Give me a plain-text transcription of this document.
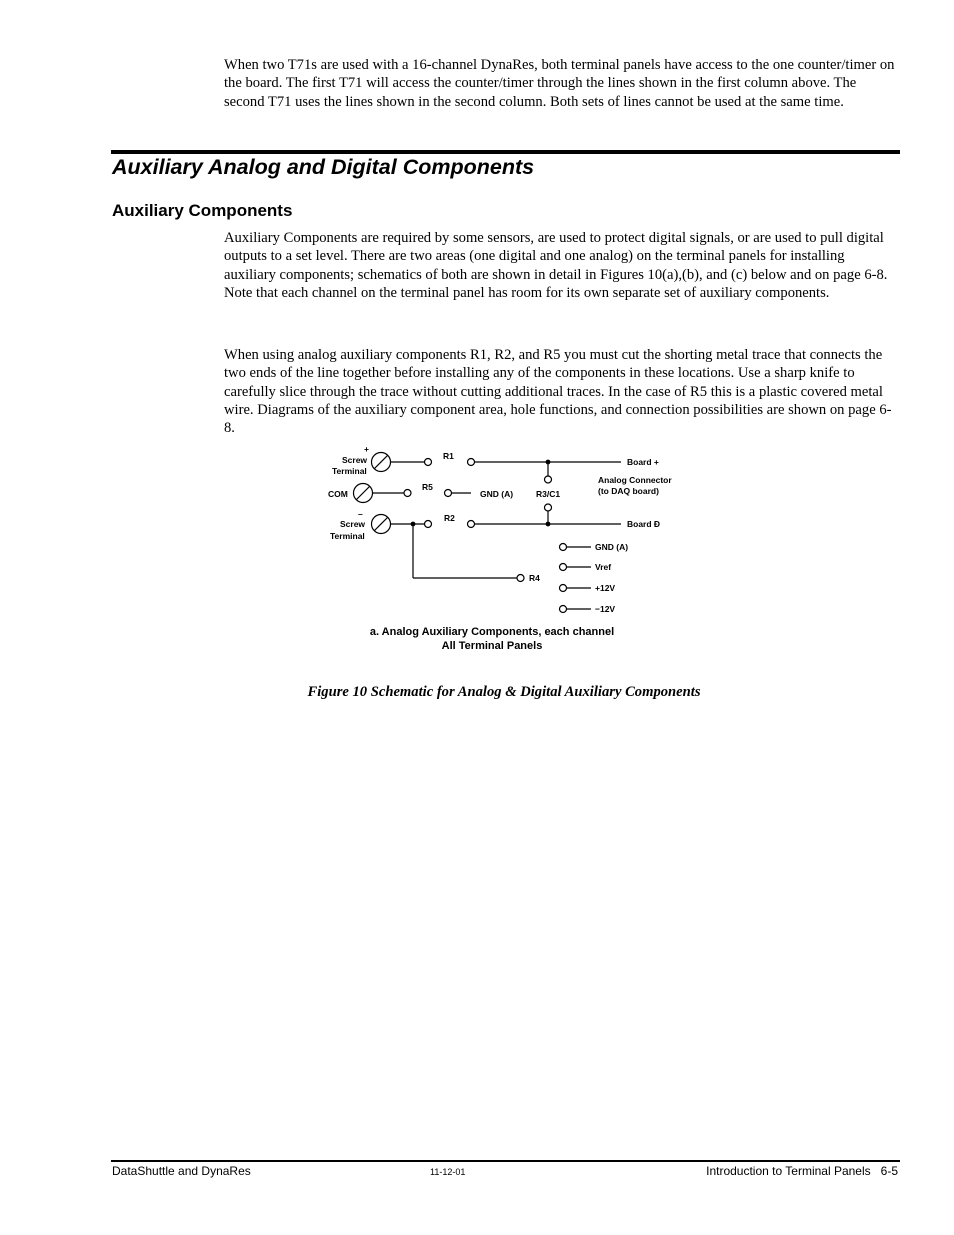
When two T71s are used with a 16-channel DynaRes, both terminal panels have access to the one counter/timer on the board. The first T71 will access the counter/timer through the lines shown in the first column above. The second T71 uses the lines shown in the second column. Both sets of lines cannot be used at the same time.

Auxiliary Analog and Digital Components
Auxiliary Components

Auxiliary Components are required by some sensors, are used to protect digital signals, or are used to pull digital outputs to a set level. There are two areas (one digital and one analog) on the terminal panels for installing auxiliary components; schematics of both are shown in detail in Figures 10(a),(b), and (c) below and on page 6-8. Note that each channel on the terminal panel has room for its own separate set of auxiliary components.

When using analog auxiliary components R1, R2, and R5 you must cut the shorting metal trace that connects the two ends of the line together before installing any of the components in these locations. Use a sharp knife to carefully slice through the trace without cutting additional traces. In the case of R5 this is a plastic covered metal wire. Diagrams of the auxiliary component area, hole functions, and connection possibilities are shown on page 6-8.

+
Screw
Terminal
COM
–
Screw
Terminal
R1
R5
R2
R4
GND (A)	R3/C1
Board +
Analog Connector
(to DAQ board)
Board Ð
GND (A)
Vref
+12V
−12V
a. Analog Auxiliary Components, each channel
All Terminal Panels
Figure 10 Schematic for Analog & Digital Auxiliary Components
DataShuttle and DynaRes	11-12-01	Introduction to Terminal Panels   6-5
